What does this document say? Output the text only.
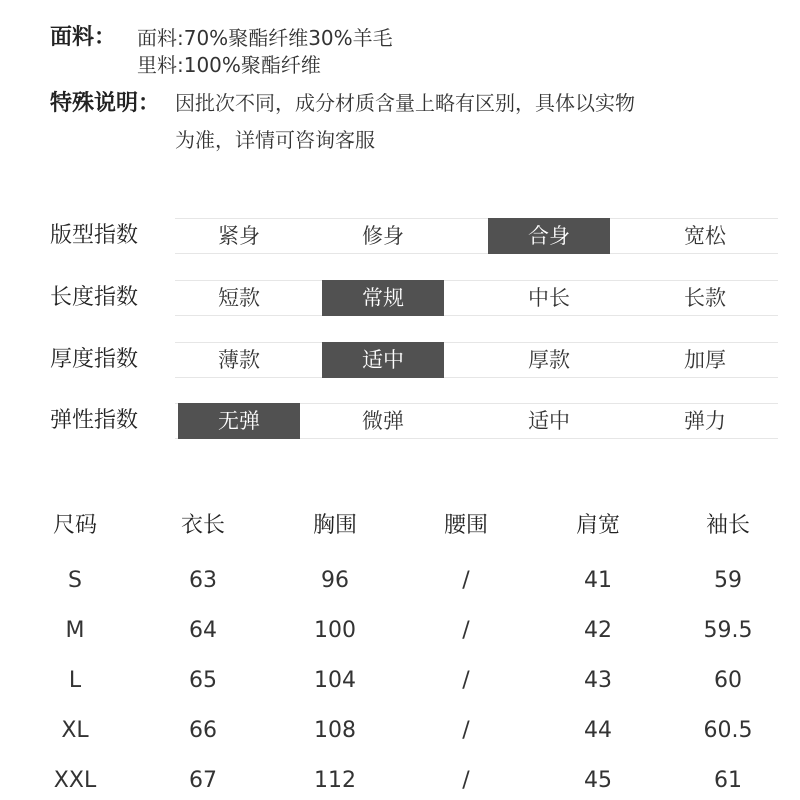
面料： 面料:70%聚酯纤维30%羊毛
里料:100%聚酯纤维
特殊说明： 因批次不同，成分材质含量上略有区别，具体以实物
为准，详情可咨询客服
版型指数	紧身	修身	合身	宽松
长度指数	短款	常规	中长	长款
厚度指数	薄款	适中	厚款	加厚
弹性指数	无弹	微弹	适中	弹力
尺码	衣长	胸围	腰围	肩宽	袖长
S	63	96	/	41	59
M	64	100	/	42	59.5
L	65	104	/	43	60
XL	66	108	/	44	60.5
XXL	67	112	/	45	61
